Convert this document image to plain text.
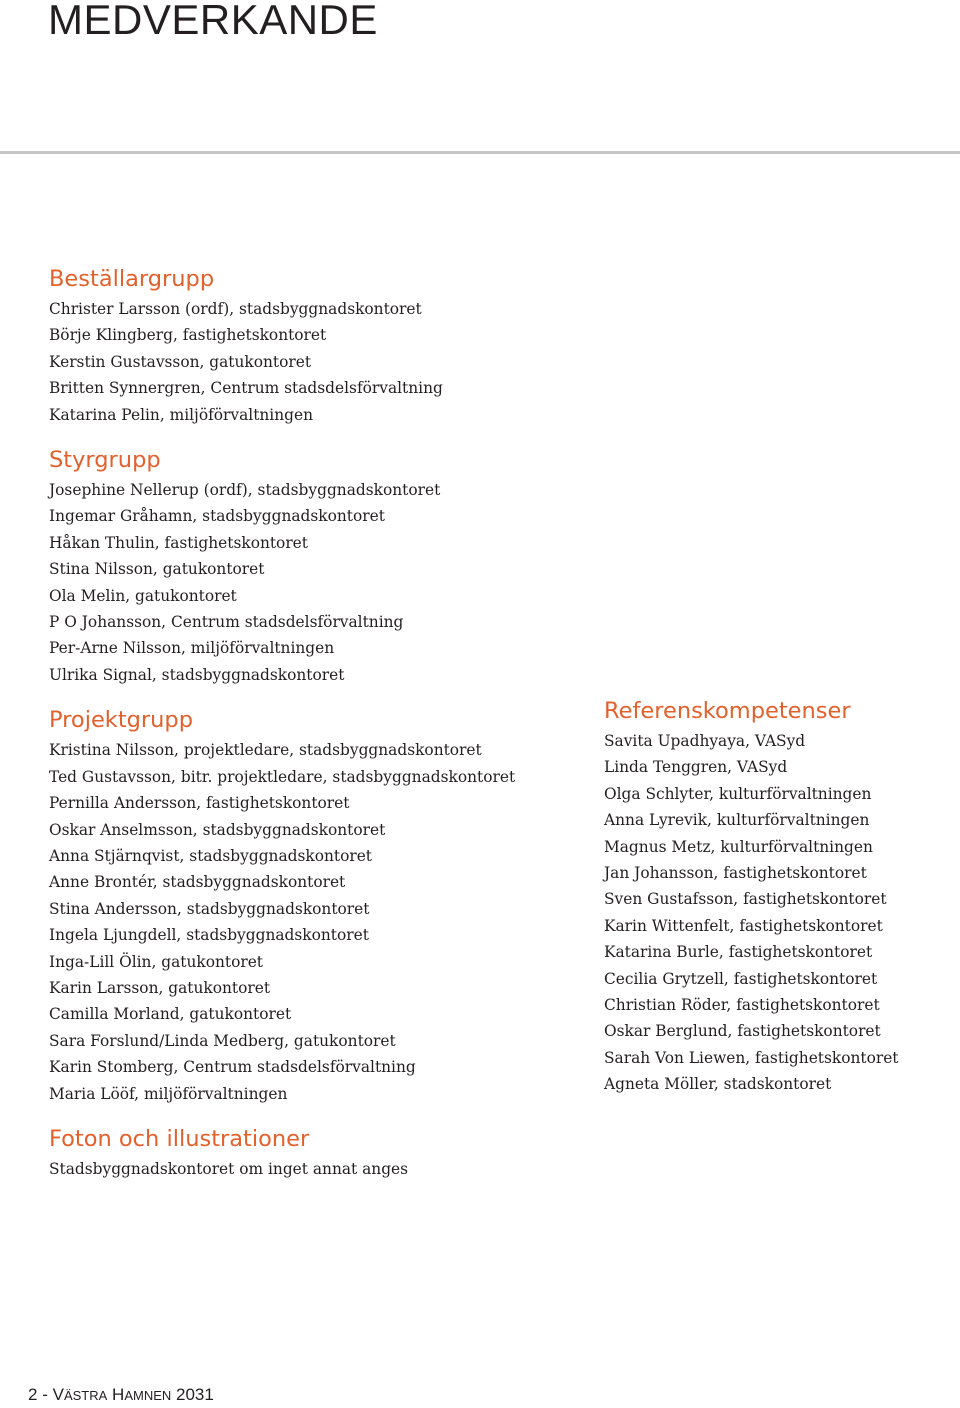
MEDVERKANDE
Beställargrupp
Christer Larsson (ordf), stadsbyggnadskontoret
Börje Klingberg, fastighetskontoret
Kerstin Gustavsson, gatukontoret
Britten Synnergren, Centrum stadsdelsförvaltning
Katarina Pelin, miljöförvaltningen
Styrgrupp
Josephine Nellerup (ordf), stadsbyggnadskontoret
Ingemar Gråhamn, stadsbyggnadskontoret
Håkan Thulin, fastighetskontoret
Stina Nilsson, gatukontoret
Ola Melin, gatukontoret
P O Johansson, Centrum stadsdelsförvaltning
Per-Arne Nilsson, miljöförvaltningen
Ulrika Signal, stadsbyggnadskontoret
Projektgrupp
Kristina Nilsson, projektledare, stadsbyggnadskontoret
Ted Gustavsson, bitr. projektledare, stadsbyggnadskontoret
Pernilla Andersson, fastighetskontoret
Oskar Anselmsson, stadsbyggnadskontoret
Anna Stjärnqvist, stadsbyggnadskontoret
Anne Brontér, stadsbyggnadskontoret
Stina Andersson, stadsbyggnadskontoret
Ingela Ljungdell, stadsbyggnadskontoret
Inga-Lill Ölin, gatukontoret
Karin Larsson, gatukontoret
Camilla Morland, gatukontoret
Sara Forslund/Linda Medberg, gatukontoret
Karin Stomberg, Centrum stadsdelsförvaltning
Maria Lööf, miljöförvaltningen
Foton och illustrationer
Stadsbyggnadskontoret om inget annat anges
Referenskompetenser
Savita Upadhyaya, VASyd
Linda Tenggren, VASyd
Olga Schlyter, kulturförvaltningen
Anna Lyrevik, kulturförvaltningen
Magnus Metz, kulturförvaltningen
Jan Johansson, fastighetskontoret
Sven Gustafsson, fastighetskontoret
Karin Wittenfelt, fastighetskontoret
Katarina Burle, fastighetskontoret
Cecilia Grytzell, fastighetskontoret
Christian Röder, fastighetskontoret
Oskar Berglund, fastighetskontoret
Sarah Von Liewen, fastighetskontoret
Agneta Möller, stadskontoret
2 - VÄSTRA HAMNEN 2031
